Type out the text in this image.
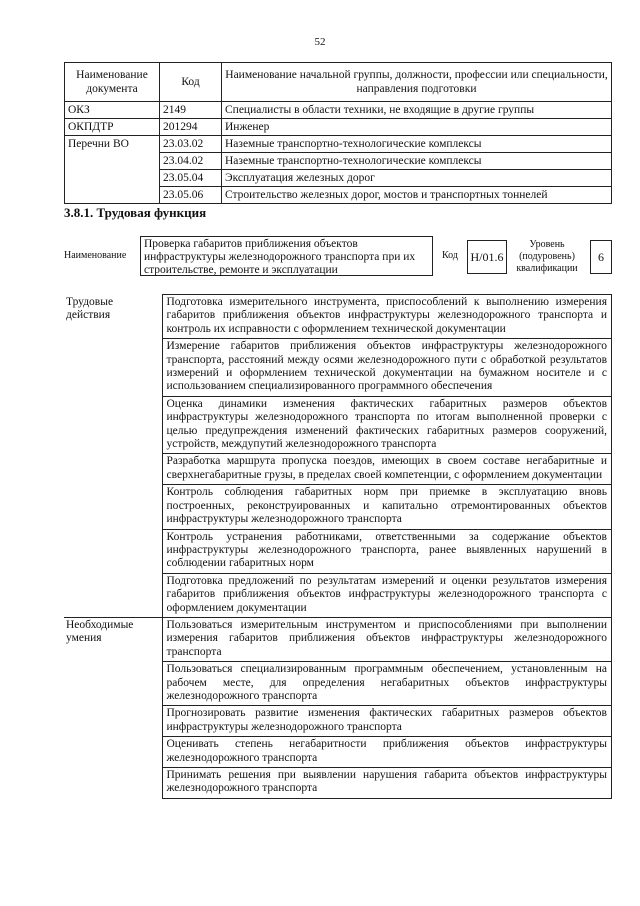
52
Наименование документа	Код	Наименование начальной группы, должности, профессии или специальности, направления подготовки
ОКЗ	2149	Специалисты в области техники, не входящие в другие группы
ОКПДТР	201294	Инженер
Перечни ВО	23.03.02	Наземные транспортно-технологические комплексы
	23.04.02	Наземные транспортно-технологические комплексы
	23.05.04	Эксплуатация железных дорог
	23.05.06	Строительство железных дорог, мостов и транспортных тоннелей
3.8.1. Трудовая функция
Наименование
Проверка габаритов приближения объектов инфраструктуры железнодорожного транспорта при их строительстве, ремонте и эксплуатации
Код Н/01.6
Уровень (подуровень) квалификации
6
Трудовые действия	Подготовка измерительного инструмента, приспособлений к выполнению измерения габаритов приближения объектов инфраструктуры железнодорожного транспорта и контроль их исправности с оформлением технической документации
	Измерение габаритов приближения объектов инфраструктуры железнодорожного транспорта, расстояний между осями железнодорожного пути с обработкой результатов измерений и оформлением технической документации на бумажном носителе и с использованием специализированного программного обеспечения
	Оценка динамики изменения фактических габаритных размеров объектов инфраструктуры железнодорожного транспорта по итогам выполненной проверки с целью предупреждения изменений фактических габаритных размеров сооружений, устройств, междупутий железнодорожного транспорта
	Разработка маршрута пропуска поездов, имеющих в своем составе негабаритные и сверхнегабаритные грузы, в пределах своей компетенции, с оформлением документации
	Контроль соблюдения габаритных норм при приемке в эксплуатацию вновь построенных, реконструированных и капитально отремонтированных объектов инфраструктуры железнодорожного транспорта
	Контроль устранения работниками, ответственными за содержание объектов инфраструктуры железнодорожного транспорта, ранее выявленных нарушений в соблюдении габаритных норм
	Подготовка предложений по результатам измерений и оценки результатов измерения габаритов приближения объектов инфраструктуры железнодорожного транспорта с оформлением документации
Необходимые умения	Пользоваться измерительным инструментом и приспособлениями при выполнении измерения габаритов приближения объектов инфраструктуры железнодорожного транспорта
	Пользоваться специализированным программным обеспечением, установленным на рабочем месте, для определения негабаритных объектов инфраструктуры железнодорожного транспорта
	Прогнозировать развитие изменения фактических габаритных размеров объектов инфраструктуры железнодорожного транспорта
	Оценивать степень негабаритности приближения объектов инфраструктуры железнодорожного транспорта
	Принимать решения при выявлении нарушения габарита объектов инфраструктуры железнодорожного транспорта
